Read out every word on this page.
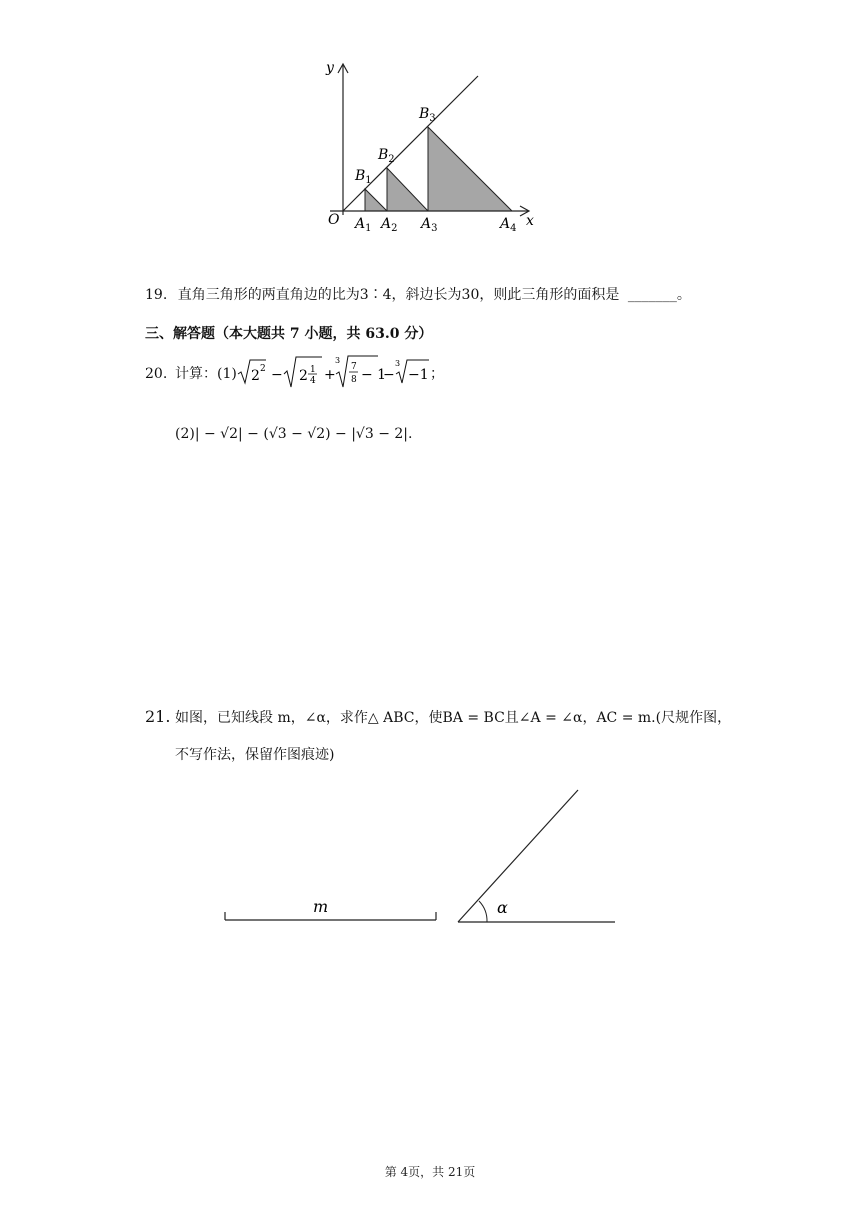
y
x
O
$B_1$
$B_2$
$B_3$
$A_1$ $A_2$ $A_3$	$A_4$
19. 直角三角形的两直角边的比为3∶4，斜边长为30，则此三角形的面积是 _______。
三、解答题（本大题共 7 小题，共 63.0 分）
20. 计算：(1) 2 2 − 2 1
4 +
3
7
8 − 1
−
3
−1 ；
(2)| − √2| − (√3 − √2) − |√3 − 2|.
21. 如图，已知线段 m，∠α，求作△ ABC，使BA = BC且∠A = ∠α，AC = m.(尺规作图，
不写作法，保留作图痕迹)
m	α
第 4页，共 21页
